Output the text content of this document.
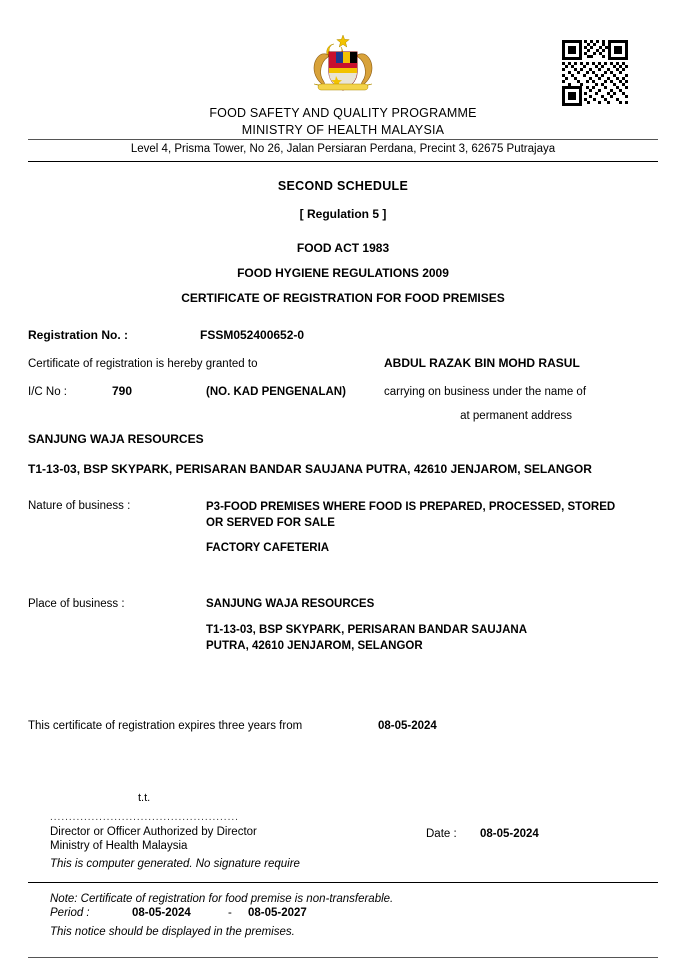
FOOD SAFETY AND QUALITY PROGRAMME
MINISTRY OF HEALTH MALAYSIA
Level 4, Prisma Tower, No 26, Jalan Persiaran Perdana, Precint 3, 62675 Putrajaya
SECOND SCHEDULE
[ Regulation 5 ]
FOOD ACT 1983
FOOD HYGIENE REGULATIONS 2009
CERTIFICATE OF REGISTRATION FOR FOOD PREMISES
Registration No. :	FSSM052400652-0
Certificate of registration is hereby granted to	ABDUL RAZAK BIN MOHD RASUL
I/C No :	790	(NO. KAD PENGENALAN)	carrying on business under the name of
at permanent address
SANJUNG WAJA RESOURCES
T1-13-03, BSP SKYPARK, PERISARAN BANDAR SAUJANA PUTRA, 42610 JENJAROM, SELANGOR
Nature of business :	P3-FOOD PREMISES WHERE FOOD IS PREPARED, PROCESSED, STORED OR SERVED FOR SALE
FACTORY CAFETERIA
Place of business :	SANJUNG WAJA RESOURCES
T1-13-03, BSP SKYPARK, PERISARAN BANDAR SAUJANA PUTRA, 42610 JENJAROM, SELANGOR
This certificate of registration expires three years from	08-05-2024
t.t.
..................................................
Director or Officer Authorized by Director
Ministry of Health Malaysia
This is computer generated. No signature require
Date : 08-05-2024
Note: Certificate of registration for food premise is non-transferable.
Period :	08-05-2024	- 08-05-2027
This notice should be displayed in the premises.
